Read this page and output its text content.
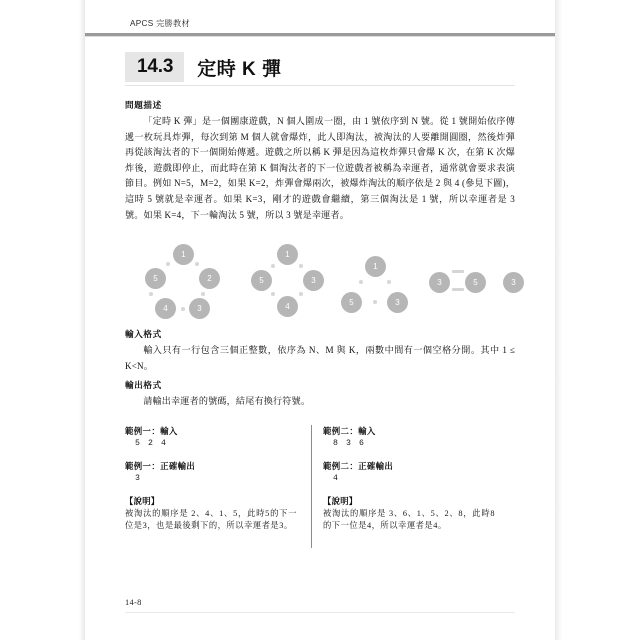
APCS 完勝教材
14.3	定時 K 彈
問題描述
「定時 K 彈」是一個團康遊戲，N 個人圍成一圈，由 1 號依序到 N 號。從 1 號開始依序傳遞一枚玩具炸彈，每次到第 M 個人就會爆炸，此人即淘汰，被淘汰的人要離開圓圈，然後炸彈再從該淘汰者的下一個開始傳遞。遊戲之所以稱 K 彈是因為這枚炸彈只會爆 K 次，在第 K 次爆炸後，遊戲即停止，而此時在第 K 個淘汰者的下一位遊戲者被稱為幸運者，通常就會要求表演節目。例如 N=5，M=2，如果 K=2，炸彈會爆兩次，被爆炸淘汰的順序依是 2 與 4 (參見下圖)，這時 5 號就是幸運者。如果 K=3，剛才的遊戲會繼續，第三個淘汰是 1 號，所以幸運者是 3 號。如果 K=4，下一輪淘汰 5 號，所以 3 號是幸運者。
1
2
3
4
5
1
3
4
5
1
3
5
3	5	3
輸入格式
輸入只有一行包含三個正整數，依序為 N、M 與 K，兩數中間有一個空格分開。其中 1 ≤ K<N。
輸出格式
請輸出幸運者的號碼，結尾有換行符號。
範例一：輸入
5 2 4
範例一：正確輸出
3
【說明】
被淘汰的順序是 2、4、1、5，此時5的下一位是3，也是最後剩下的，所以幸運者是3。
範例二：輸入
8 3 6
範例二：正確輸出
4
【說明】
被淘汰的順序是 3、6、1、5、2、8，此時8的下一位是4，所以幸運者是4。
14-8
